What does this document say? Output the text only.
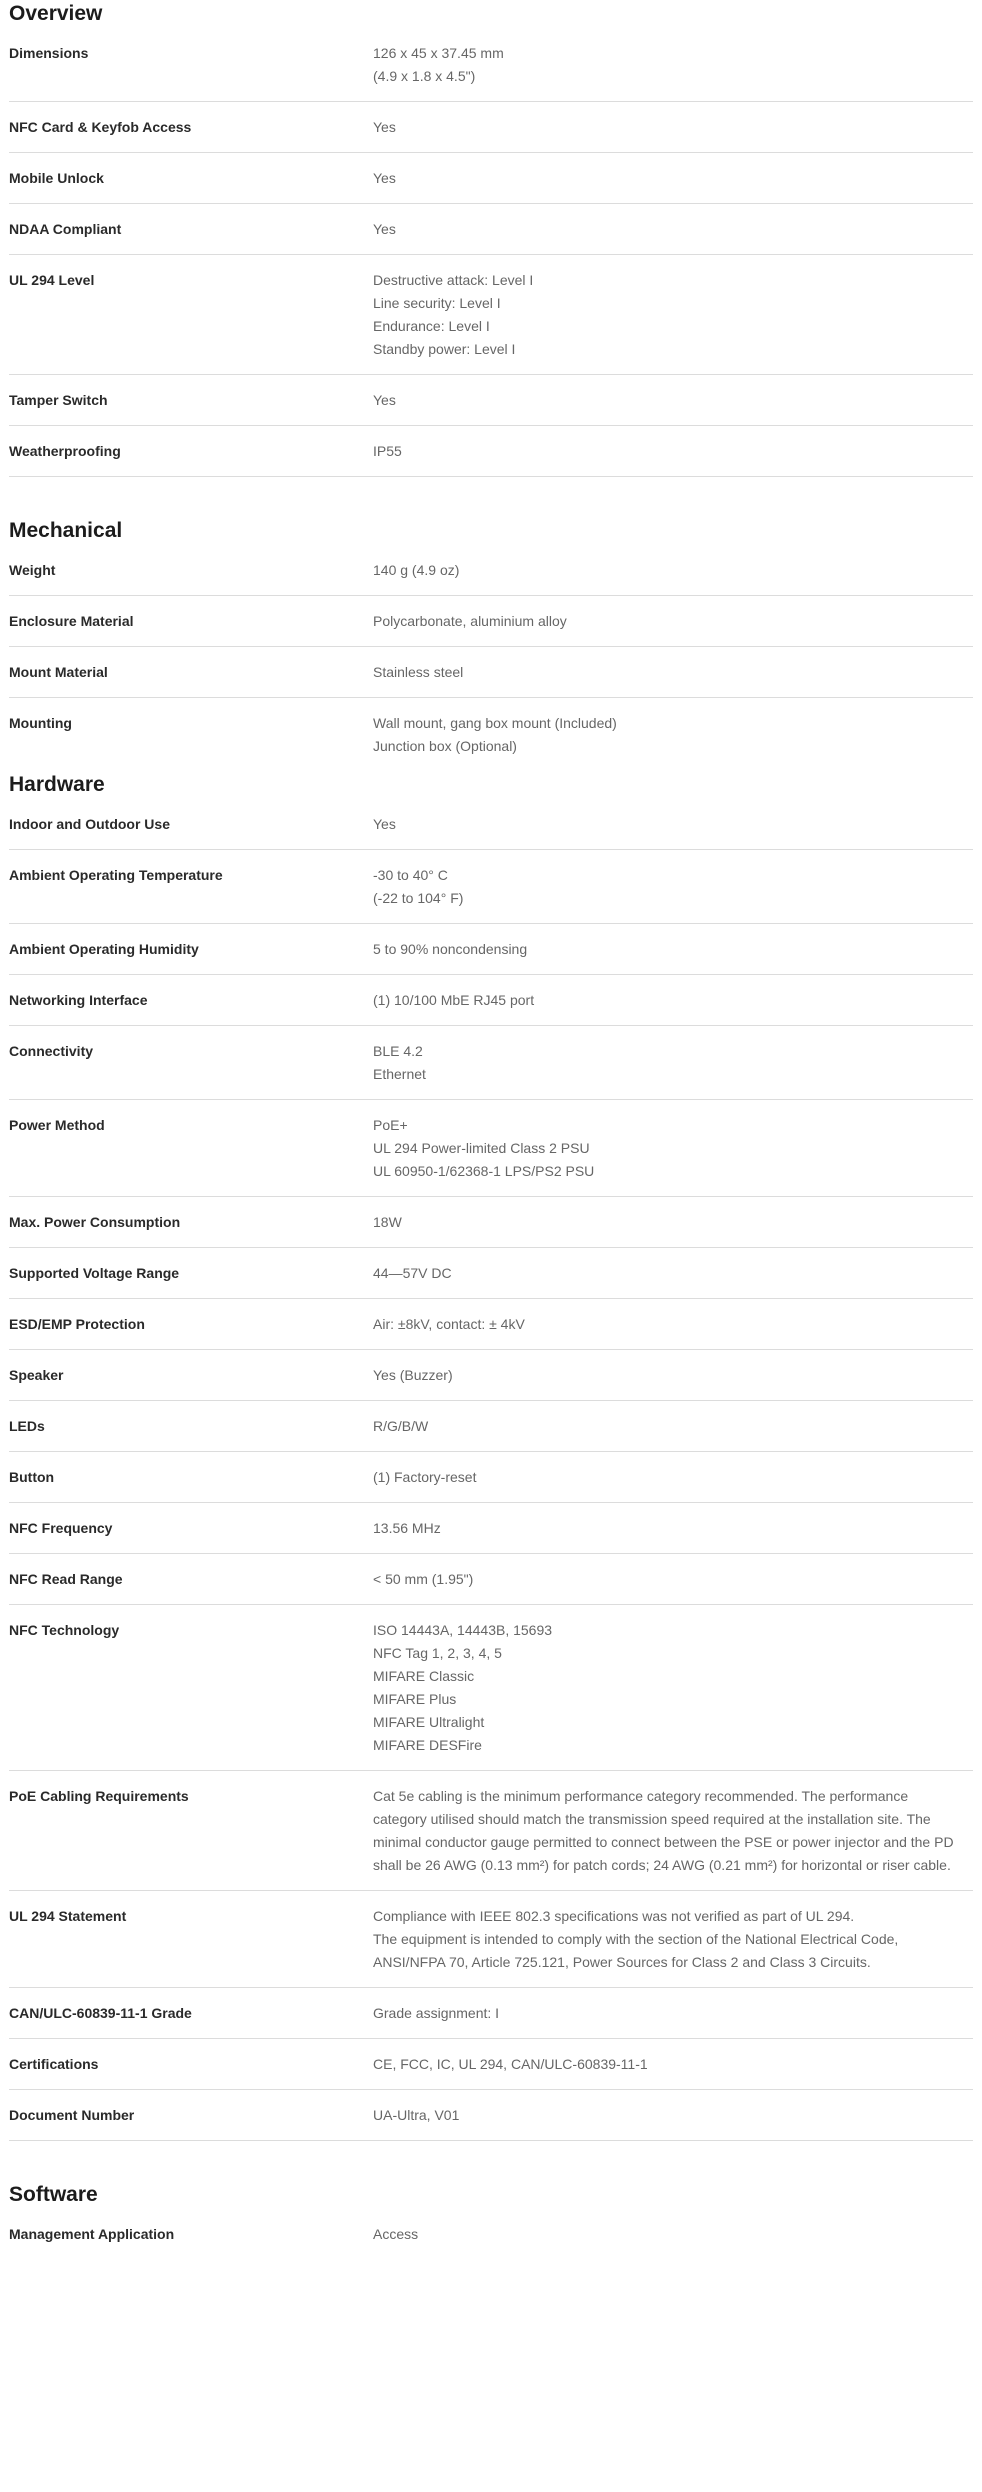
Overview
Dimensions	126 x 45 x 37.45 mm
(4.9 x 1.8 x 4.5")
NFC Card & Keyfob Access	Yes
Mobile Unlock	Yes
NDAA Compliant	Yes
UL 294 Level	Destructive attack: Level I
Line security: Level I
Endurance: Level I
Standby power: Level I
Tamper Switch	Yes
Weatherproofing	IP55
Mechanical
Weight	140 g (4.9 oz)
Enclosure Material	Polycarbonate, aluminium alloy
Mount Material	Stainless steel
Mounting	Wall mount, gang box mount (Included)
Junction box (Optional)
Hardware
Indoor and Outdoor Use	Yes
Ambient Operating Temperature	-30 to 40° C
(-22 to 104° F)
Ambient Operating Humidity	5 to 90% noncondensing
Networking Interface	(1) 10/100 MbE RJ45 port
Connectivity	BLE 4.2
Ethernet
Power Method	PoE+
UL 294 Power-limited Class 2 PSU
UL 60950-1/62368-1 LPS/PS2 PSU
Max. Power Consumption	18W
Supported Voltage Range	44—57V DC
ESD/EMP Protection	Air: ±8kV, contact: ± 4kV
Speaker	Yes (Buzzer)
LEDs	R/G/B/W
Button	(1) Factory-reset
NFC Frequency	13.56 MHz
NFC Read Range	< 50 mm (1.95")
NFC Technology	ISO 14443A, 14443B, 15693
NFC Tag 1, 2, 3, 4, 5
MIFARE Classic
MIFARE Plus
MIFARE Ultralight
MIFARE DESFire
PoE Cabling Requirements	Cat 5e cabling is the minimum performance category recommended. The performance category utilised should match the transmission speed required at the installation site. The minimal conductor gauge permitted to connect between the PSE or power injector and the PD shall be 26 AWG (0.13 mm²) for patch cords; 24 AWG (0.21 mm²) for horizontal or riser cable.
UL 294 Statement	Compliance with IEEE 802.3 specifications was not verified as part of UL 294.
The equipment is intended to comply with the section of the National Electrical Code, ANSI/NFPA 70, Article 725.121, Power Sources for Class 2 and Class 3 Circuits.
CAN/ULC-60839-11-1 Grade	Grade assignment: I
Certifications	CE, FCC, IC, UL 294, CAN/ULC-60839-11-1
Document Number	UA-Ultra, V01
Software
Management Application	Access
